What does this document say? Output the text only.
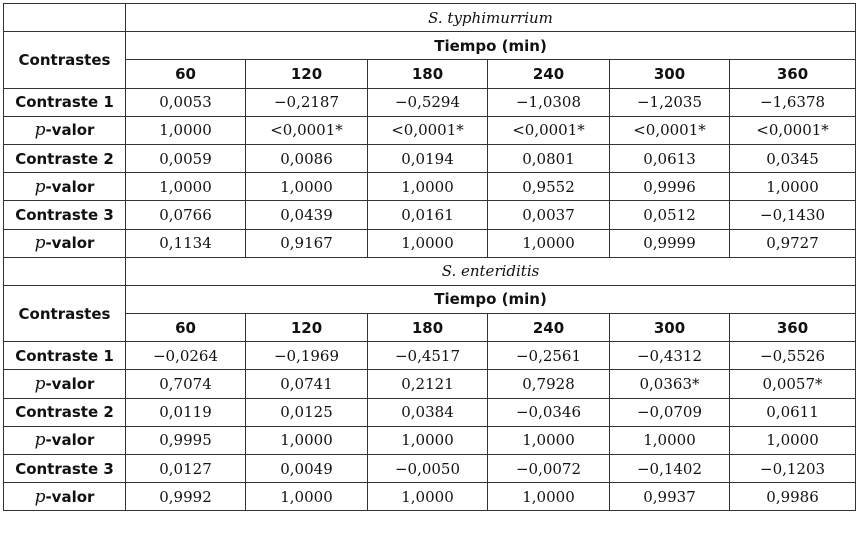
	S. typhimurrium					
Contrastes	Tiempo (min)					
	60	120	180	240	300	360
Contraste 1	0,0053	−0,2187	−0,5294	−1,0308	−1,2035	−1,6378
p-valor	1,0000	<0,0001*	<0,0001*	<0,0001*	<0,0001*	<0,0001*
Contraste 2	0,0059	0,0086	0,0194	0,0801	0,0613	0,0345
p-valor	1,0000	1,0000	1,0000	0,9552	0,9996	1,0000
Contraste 3	0,0766	0,0439	0,0161	0,0037	0,0512	−0,1430
p-valor	0,1134	0,9167	1,0000	1,0000	0,9999	0,9727
	S. enteriditis					
Contrastes	Tiempo (min)					
	60	120	180	240	300	360
Contraste 1	−0,0264	−0,1969	−0,4517	−0,2561	−0,4312	−0,5526
p-valor	0,7074	0,0741	0,2121	0,7928	0,0363*	0,0057*
Contraste 2	0,0119	0,0125	0,0384	−0,0346	−0,0709	0,0611
p-valor	0,9995	1,0000	1,0000	1,0000	1,0000	1,0000
Contraste 3	0,0127	0,0049	−0,0050	−0,0072	−0,1402	−0,1203
p-valor	0,9992	1,0000	1,0000	1,0000	0,9937	0,9986
